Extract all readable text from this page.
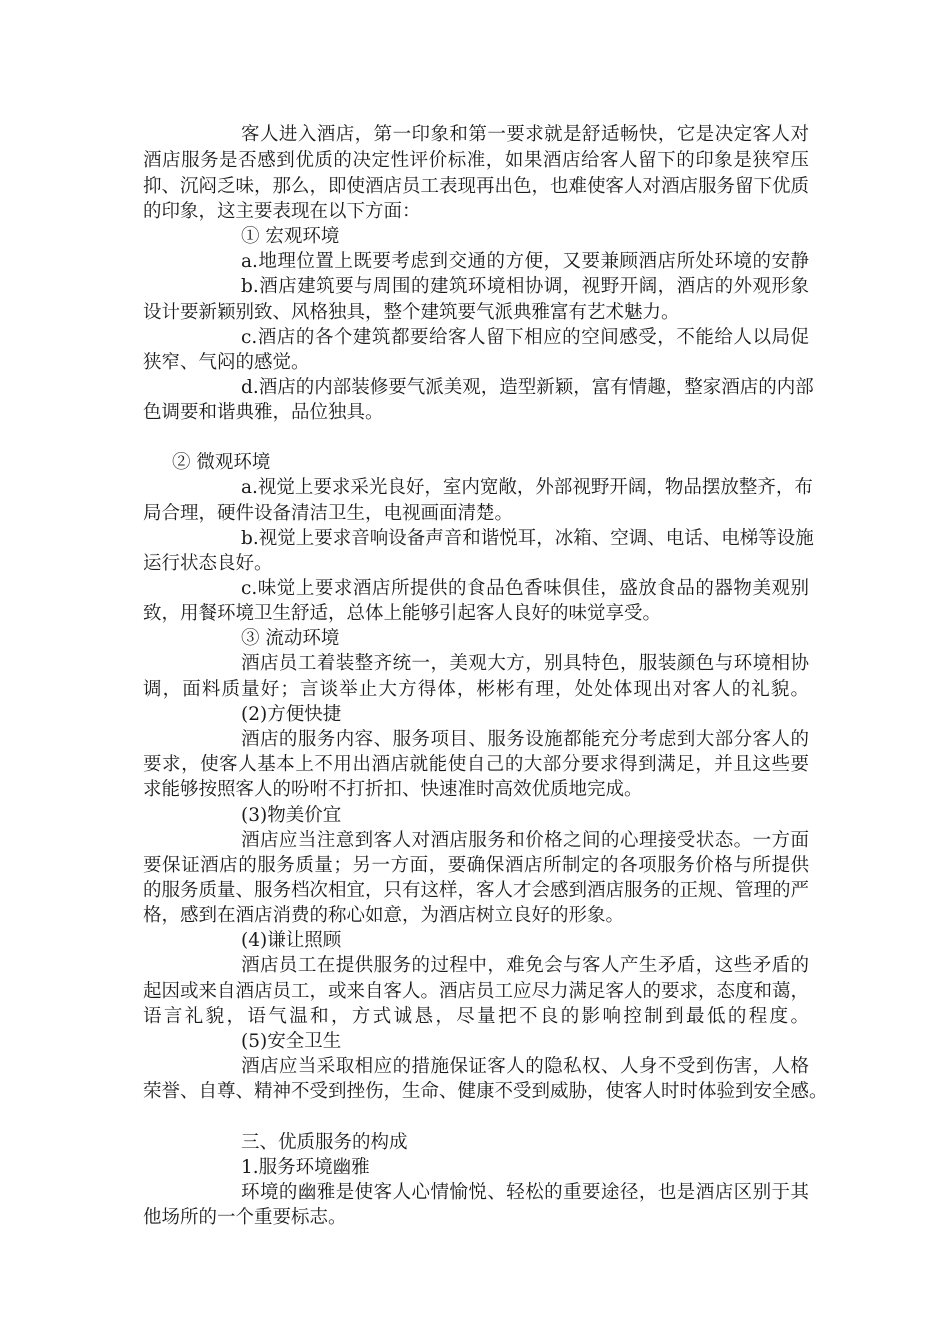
客人进入酒店，第一印象和第一要求就是舒适畅快，它是决定客人对
酒店服务是否感到优质的决定性评价标准，如果酒店给客人留下的印象是狭窄压
抑、沉闷乏味，那么，即使酒店员工表现再出色，也难使客人对酒店服务留下优质
的印象，这主要表现在以下方面：
① 宏观环境
a.地理位置上既要考虑到交通的方便，又要兼顾酒店所处环境的安静
b.酒店建筑要与周围的建筑环境相协调，视野开阔，酒店的外观形象
设计要新颖别致、风格独具，整个建筑要气派典雅富有艺术魅力。
c.酒店的各个建筑都要给客人留下相应的空间感受，不能给人以局促
狭窄、气闷的感觉。
d.酒店的内部装修要气派美观，造型新颖，富有情趣，整家酒店的内部
色调要和谐典雅，品位独具。
② 微观环境
a.视觉上要求采光良好，室内宽敞，外部视野开阔，物品摆放整齐，布
局合理，硬件设备清洁卫生，电视画面清楚。
b.视觉上要求音响设备声音和谐悦耳，冰箱、空调、电话、电梯等设施
运行状态良好。
c.味觉上要求酒店所提供的食品色香味俱佳，盛放食品的器物美观别
致，用餐环境卫生舒适，总体上能够引起客人良好的味觉享受。
③ 流动环境
酒店员工着装整齐统一，美观大方，别具特色，服装颜色与环境相协
调，面料质量好；言谈举止大方得体，彬彬有理，处处体现出对客人的礼貌。
(2)方便快捷
酒店的服务内容、服务项目、服务设施都能充分考虑到大部分客人的
要求，使客人基本上不用出酒店就能使自己的大部分要求得到满足，并且这些要
求能够按照客人的吩咐不打折扣、快速准时高效优质地完成。
(3)物美价宜
酒店应当注意到客人对酒店服务和价格之间的心理接受状态。一方面
要保证酒店的服务质量；另一方面，要确保酒店所制定的各项服务价格与所提供
的服务质量、服务档次相宜，只有这样，客人才会感到酒店服务的正规、管理的严
格，感到在酒店消费的称心如意，为酒店树立良好的形象。
(4)谦让照顾
酒店员工在提供服务的过程中，难免会与客人产生矛盾，这些矛盾的
起因或来自酒店员工，或来自客人。酒店员工应尽力满足客人的要求，态度和蔼，
语言礼貌，语气温和，方式诚恳，尽量把不良的影响控制到最低的程度。
(5)安全卫生
酒店应当采取相应的措施保证客人的隐私权、人身不受到伤害，人格
荣誉、自尊、精神不受到挫伤，生命、健康不受到威胁，使客人时时体验到安全感。
三、优质服务的构成
1.服务环境幽雅
环境的幽雅是使客人心情愉悦、轻松的重要途径，也是酒店区别于其
他场所的一个重要标志。
